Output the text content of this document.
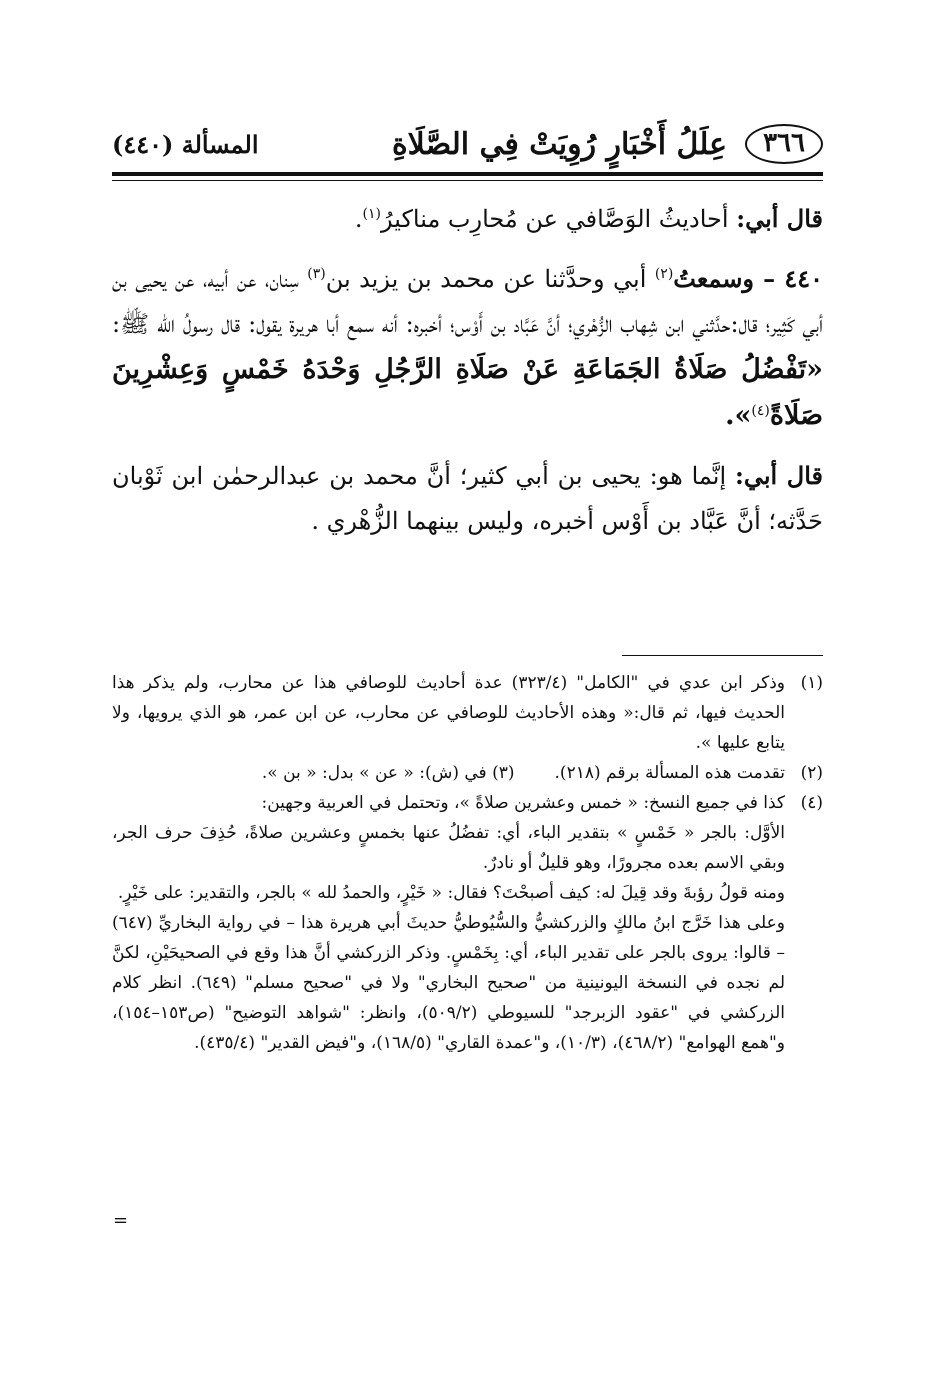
٣٦٦
عِلَلُ أَخْبَارٍ رُوِيَتْ فِي الصَّلَاةِ
المسألة (٤٤٠)

قال أبي: أحاديثُ الوَصَّافي عن مُحارِب مناكيرُ$^{(١)}$.

٤٤٠ – وسمعتُ$^{(٢)}$ أبي وحدَّثنا عن محمد بن يزيد بن$^{(٣)}$ سِنان، عن أبيه، عن يحيى بن أبي كَثِير؛ قال:حدَّثني ابن شِهاب الزُّهْري؛ أنَّ عَبَّاد بن أَوْس؛ أخبره: أنه سمع أبا هريرة يقول: قال رسولُ الله ﷺ: «تَفْضُلُ صَلَاةُ الجَمَاعَةِ عَنْ صَلَاةِ الرَّجُلِ وَحْدَهُ خَمْسٍ وَعِشْرِينَ صَلَاةً$^{(٤)}$».

قال أبي: إنَّما هو: يحيى بن أبي كثير؛ أنَّ محمد بن عبدالرحمٰن ابن ثَوْبان حَدَّثه؛ أنَّ عَبَّاد بن أَوْس أخبره، وليس بينهما الزُّهْري .

(١)
وذكر ابن عدي في "الكامل" (٣٢٣/٤) عدة أحاديث للوصافي هذا عن محارب، ولم يذكر هذا الحديث فيها، ثم قال:« وهذه الأحاديث للوصافي عن محارب، عن ابن عمر، هو الذي يرويها، ولا يتابع عليها ».
(٢)
تقدمت هذه المسألة برقم (٢١٨).
(٣) في (ش): « عن » بدل: « بن ».
(٤)
كذا في جميع النسخ: « خمس وعشرين صلاةً »، وتحتمل في العربية وجهين:
الأوَّل: بالجر « خَمْسٍ » بتقدير الباء، أي: تفضُلُ عنها بخمسٍ وعشرين صلاةً، حُذِفَ حرف الجر، وبقي الاسم بعده مجرورًا، وهو قليلٌ أو نادرٌ.
ومنه قولُ رؤبةَ وقد قِيلَ له: كيف أصبحْتَ؟ فقال: « خَيْرٍ، والحمدُ لله » بالجر، والتقدير: على خَيْرٍ.
وعلى هذا خَرَّج ابنُ مالكٍ والزركشيُّ والسُّيُوطيُّ حديثَ أبي هريرة هذا – في رواية البخاريِّ (٦٤٧) – قالوا: يروى بالجر على تقدير الباء، أي: بِخَمْسٍ. وذكر الزركشي أنَّ هذا وقع في الصحيحَيْنِ، لكنَّ لم نجده في النسخة اليونينية من "صحيح البخاري" ولا في "صحيح مسلم" (٦٤٩). انظر كلام الزركشي في "عقود الزبرجد" للسيوطي (٥٠٩/٢)، وانظر: "شواهد التوضيح" (ص١٥٣–١٥٤)، و"همع الهوامع" (٤٦٨/٢)، (١٠/٣)، و"عمدة القاري" (١٦٨/٥)، و"فيض القدير" (٤٣٥/٤).
=
